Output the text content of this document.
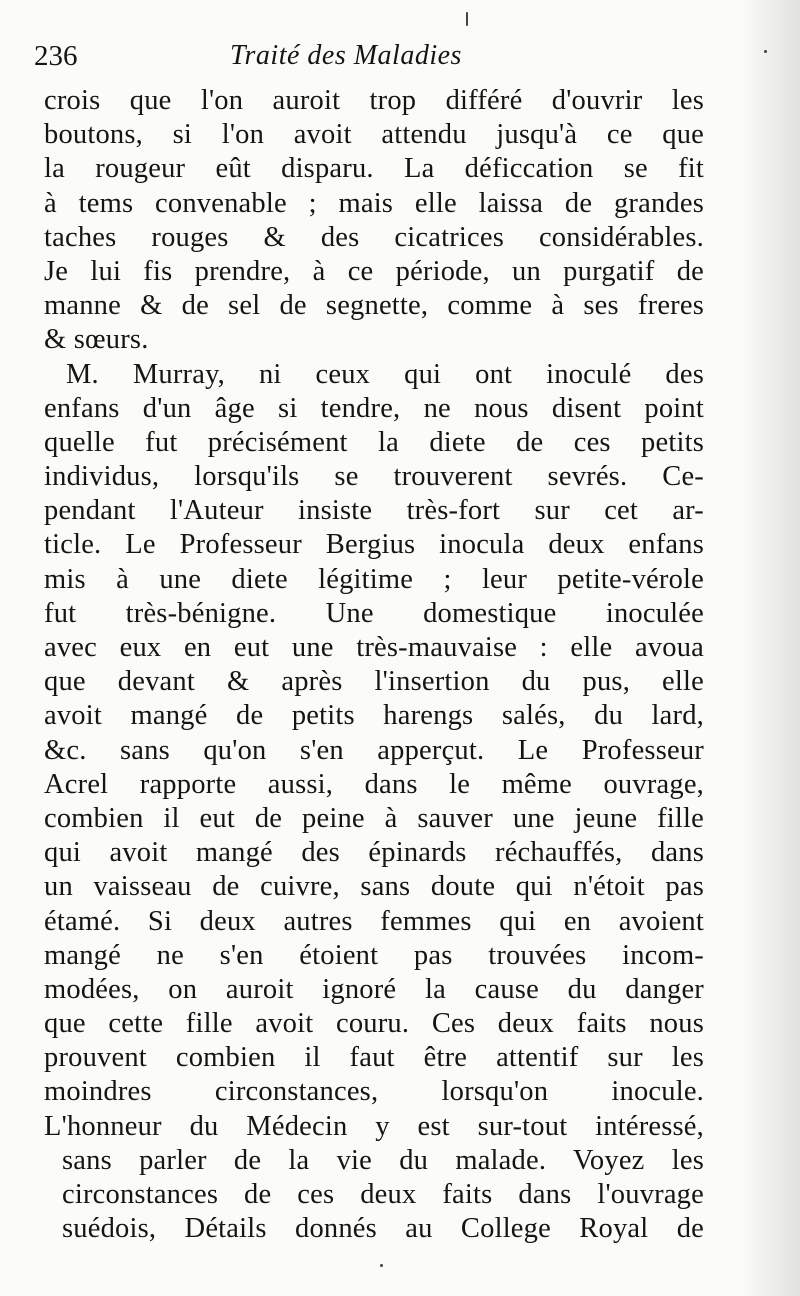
236	Traité des Maladies
crois que l'on auroit trop différé d'ouvrir les
boutons, si l'on avoit attendu jusqu'à ce que
la rougeur eût disparu. La déficcation se fit
à tems convenable ; mais elle laissa de grandes
taches rouges & des cicatrices considérables.
Je lui fis prendre, à ce période, un purgatif de
manne & de sel de segnette, comme à ses freres
& sœurs.
M. Murray, ni ceux qui ont inoculé des
enfans d'un âge si tendre, ne nous disent point
quelle fut précisément la diete de ces petits
individus, lorsqu'ils se trouverent sevrés. Ce-
pendant l'Auteur insiste très-fort sur cet ar-
ticle. Le Professeur Bergius inocula deux enfans
mis à une diete légitime ; leur petite-vérole
fut très-bénigne. Une domestique inoculée
avec eux en eut une très-mauvaise : elle avoua
que devant & après l'insertion du pus, elle
avoit mangé de petits harengs salés, du lard,
&c. sans qu'on s'en apperçut. Le Professeur
Acrel rapporte aussi, dans le même ouvrage,
combien il eut de peine à sauver une jeune fille
qui avoit mangé des épinards réchauffés, dans
un vaisseau de cuivre, sans doute qui n'étoit pas
étamé. Si deux autres femmes qui en avoient
mangé ne s'en étoient pas trouvées incom-
modées, on auroit ignoré la cause du danger
que cette fille avoit couru. Ces deux faits nous
prouvent combien il faut être attentif sur les
moindres circonstances, lorsqu'on inocule.
L'honneur du Médecin y est sur-tout intéressé,
sans parler de la vie du malade. Voyez les
circonstances de ces deux faits dans l'ouvrage
suédois, Détails donnés au College Royal de
